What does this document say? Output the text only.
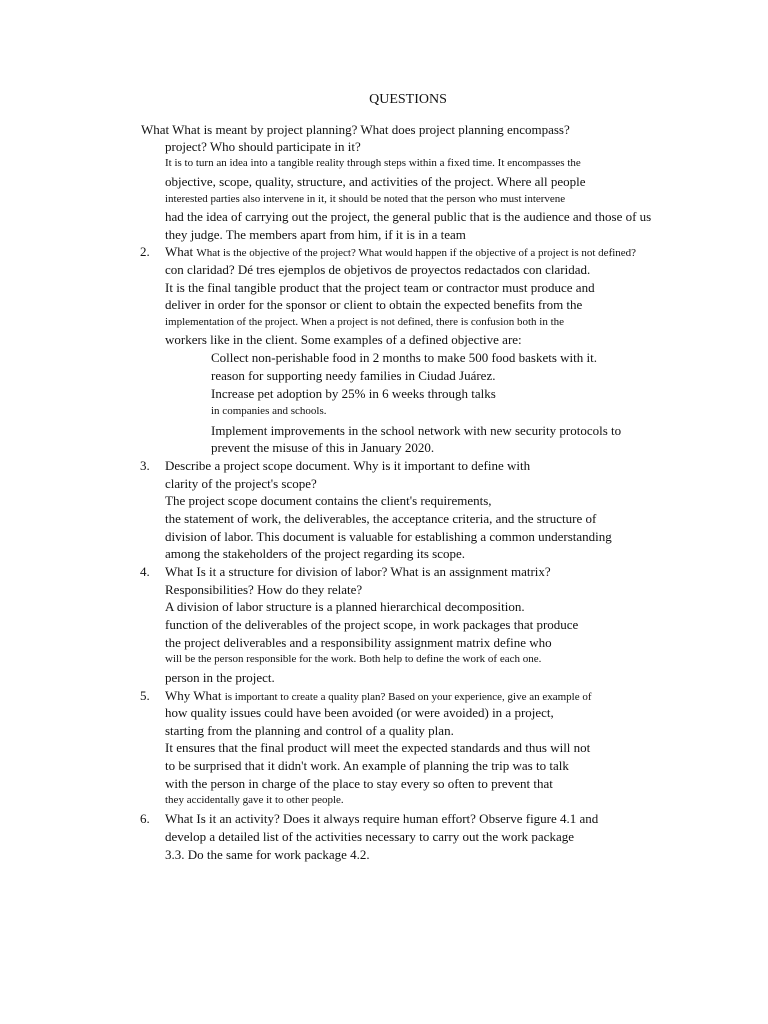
QUESTIONS
What What is meant by project planning? What does project planning encompass?
project? Who should participate in it?
It is to turn an idea into a tangible reality through steps within a fixed time. It encompasses the
objective, scope, quality, structure, and activities of the project. Where all people
interested parties also intervene in it, it should be noted that the person who must intervene
had the idea of carrying out the project, the general public that is the audience and those of us
they judge. The members apart from him, if it is in a team
2. What What is the objective of the project? What would happen if the objective of a project is not defined?
con claridad? Dé tres ejemplos de objetivos de proyectos redactados con claridad.
It is the final tangible product that the project team or contractor must produce and
deliver in order for the sponsor or client to obtain the expected benefits from the
implementation of the project. When a project is not defined, there is confusion both in the
workers like in the client. Some examples of a defined objective are:
Collect non-perishable food in 2 months to make 500 food baskets with it.
reason for supporting needy families in Ciudad Juárez.
Increase pet adoption by 25% in 6 weeks through talks
in companies and schools.
Implement improvements in the school network with new security protocols to
prevent the misuse of this in January 2020.
3. Describe a project scope document. Why is it important to define with
clarity of the project's scope?
The project scope document contains the client's requirements,
the statement of work, the deliverables, the acceptance criteria, and the structure of
division of labor. This document is valuable for establishing a common understanding
among the stakeholders of the project regarding its scope.
4. What Is it a structure for division of labor? What is an assignment matrix?
Responsibilities? How do they relate?
A division of labor structure is a planned hierarchical decomposition.
function of the deliverables of the project scope, in work packages that produce
the project deliverables and a responsibility assignment matrix define who
will be the person responsible for the work. Both help to define the work of each one.
person in the project.
5. Why What is important to create a quality plan? Based on your experience, give an example of
how quality issues could have been avoided (or were avoided) in a project,
starting from the planning and control of a quality plan.
It ensures that the final product will meet the expected standards and thus will not
to be surprised that it didn't work. An example of planning the trip was to talk
with the person in charge of the place to stay every so often to prevent that
they accidentally gave it to other people.
6. What Is it an activity? Does it always require human effort? Observe figure 4.1 and
develop a detailed list of the activities necessary to carry out the work package
3.3. Do the same for work package 4.2.
